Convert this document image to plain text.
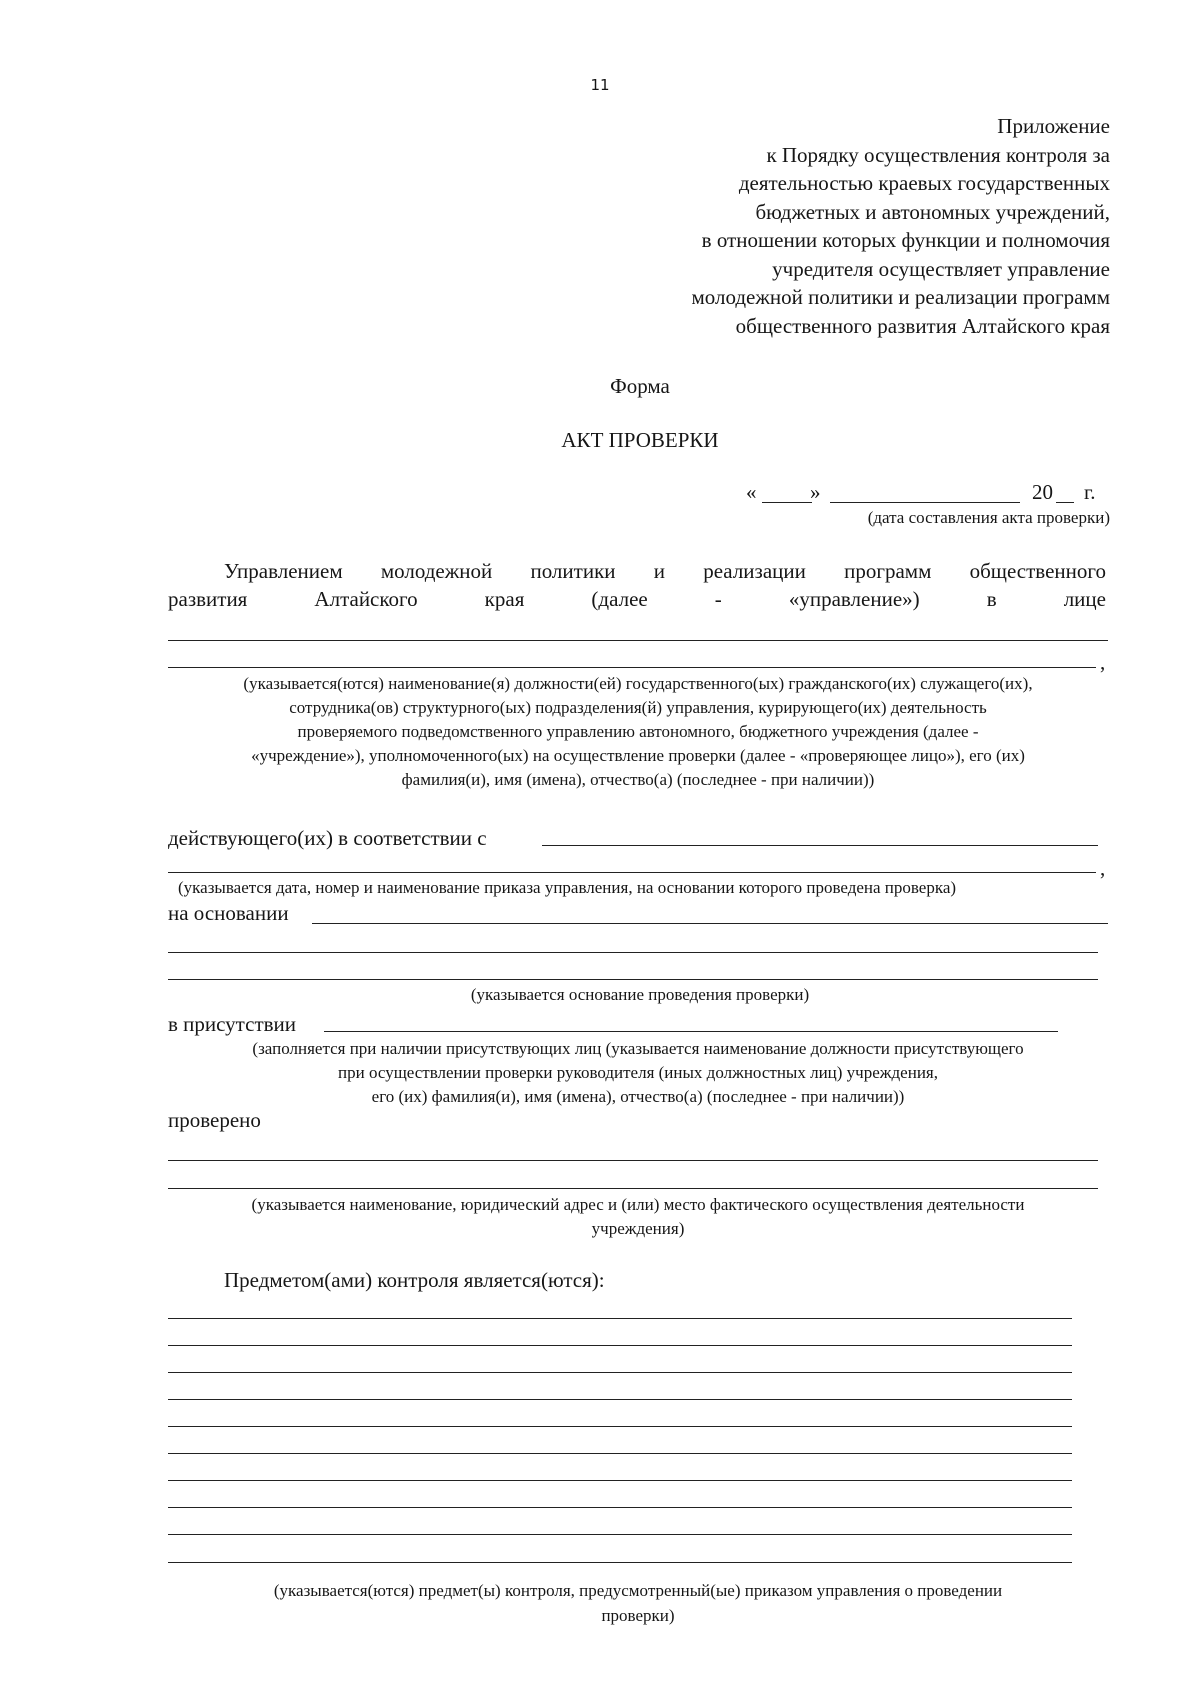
11
Приложение
к Порядку осуществления контроля за
деятельностью краевых государственных
бюджетных и автономных учреждений,
в отношении которых функции и полномочия
учредителя осуществляет управление
молодежной политики и реализации программ
общественного развития Алтайского края
Форма
АКТ ПРОВЕРКИ
«	»	20 г.
(дата составления акта проверки)
Управлением молодежной политики и реализации программ общественного
развития	Алтайского	края	(далее	-	«управление»)	в	лице
,
(указывается(ются) наименование(я) должности(ей) государственного(ых) гражданского(их) служащего(их),
сотрудника(ов) структурного(ых) подразделения(й) управления, курирующего(их) деятельность
проверяемого подведомственного управлению автономного, бюджетного учреждения (далее -
«учреждение»), уполномоченного(ых) на осуществление проверки (далее - «проверяющее лицо»), его (их)
фамилия(и), имя (имена), отчество(а) (последнее - при наличии))
действующего(их) в соответствии с
,
(указывается дата, номер и наименование приказа управления, на основании которого проведена проверка)
на основании
(указывается основание проведения проверки)
в присутствии
(заполняется при наличии присутствующих лиц (указывается наименование должности присутствующего
при осуществлении проверки руководителя (иных должностных лиц) учреждения,
его (их) фамилия(и), имя (имена), отчество(а) (последнее - при наличии))
проверено
(указывается наименование, юридический адрес и (или) место фактического осуществления деятельности
учреждения)
Предметом(ами) контроля является(ются):
(указывается(ются) предмет(ы) контроля, предусмотренный(ые) приказом управления о проведении
проверки)
